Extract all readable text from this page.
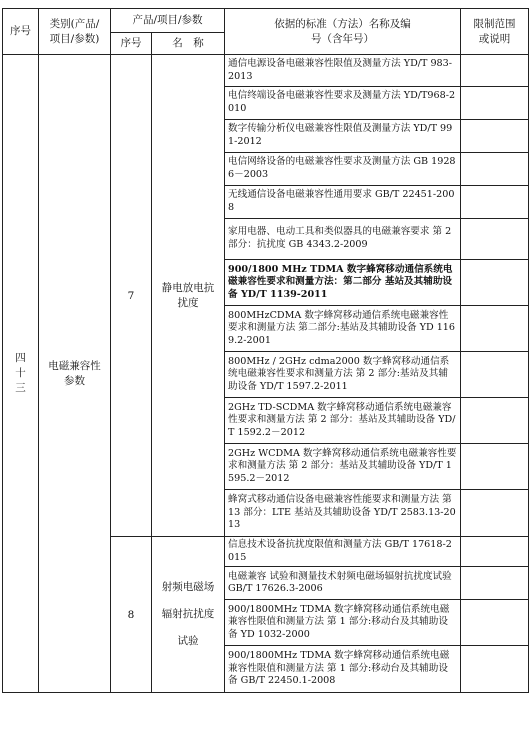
序号	类别(产品/项目/参数)	产品/项目/参数		依据的标准（方法）名称及编号（含年号）	限制范围或说明
		序号	名　称		
四十三	电磁兼容性参数	7	静电放电抗扰度	通信电源设备电磁兼容性限值及测量方法 YD/T 983-2013	
				电信终端设备电磁兼容性要求及测量方法 YD/T968-2010	
				数字传输分析仪电磁兼容性限值及测量方法 YD/T 991-2012	
				电信网络设备的电磁兼容性要求及测量方法 GB 19286－2003	
				无线通信设备电磁兼容性通用要求 GB/T 22451-2008	
				家用电器、电动工具和类似器具的电磁兼容要求 第 2 部分：抗扰度 GB 4343.2-2009	
				900/1800 MHz TDMA 数字蜂窝移动通信系统电磁兼容性要求和测量方法：第二部分 基站及其辅助设备 YD/T 1139-2011	
				800MHzCDMA 数字蜂窝移动通信系统电磁兼容性要求和测量方法 第二部分:基站及其辅助设备 YD 1169.2-2001	
				800MHz / 2GHz cdma2000 数字蜂窝移动通信系统电磁兼容性要求和测量方法 第 2 部分:基站及其辅助设备 YD/T 1597.2-2011	
				2GHz TD-SCDMA 数字蜂窝移动通信系统电磁兼容性要求和测量方法 第 2 部分：基站及其辅助设备 YD/T 1592.2－2012	
				2GHz WCDMA 数字蜂窝移动通信系统电磁兼容性要求和测量方法 第 2 部分：基站及其辅助设备 YD/T 1595.2－2012	
				蜂窝式移动通信设备电磁兼容性能要求和测量方法 第 13 部分：LTE 基站及其辅助设备 YD/T 2583.13-2013	
		8	射频电磁场辐射抗扰度试验	信息技术设备抗扰度限值和测量方法 GB/T 17618-2015	
				电磁兼容 试验和测量技术射频电磁场辐射抗扰度试验 GB/T 17626.3-2006	
				900/1800MHz TDMA 数字蜂窝移动通信系统电磁兼容性限值和测量方法 第 1 部分:移动台及其辅助设备 YD 1032-2000	
				900/1800MHz TDMA 数字蜂窝移动通信系统电磁兼容性限值和测量方法 第 1 部分:移动台及其辅助设备 GB/T 22450.1-2008	
